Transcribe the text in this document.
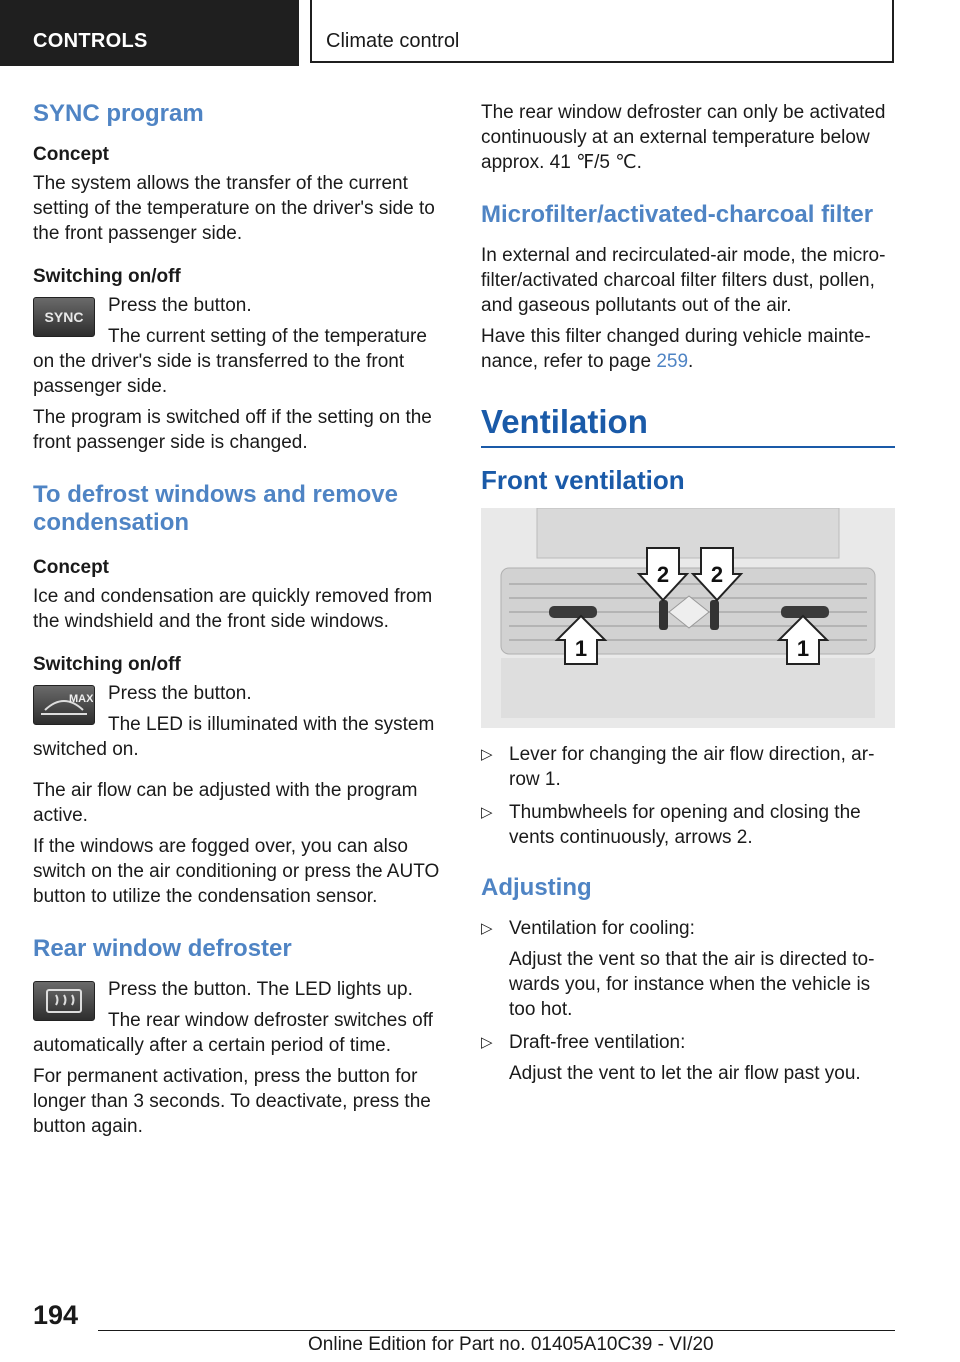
CONTROLS	Climate control
SYNC program
Concept

The system allows the transfer of the current setting of the temperature on the driver's side to the front passenger side.

Switching on/off
SYNC

Press the button.

The current setting of the temperature

on the driver's side is transferred to the front passenger side.

The program is switched off if the setting on the front passenger side is changed.

To defrost windows and remove condensation
Concept

Ice and condensation are quickly removed from the windshield and the front side windows.

Switching on/off
MAX Press the button.

The LED is illuminated with the system

switched on.

The air flow can be adjusted with the program active.

If the windows are fogged over, you can also switch on the air conditioning or press the AUTO button to utilize the condensation sensor.

Rear window defroster

Press the button. The LED lights up.

The rear window defroster switches off

automatically after a certain period of time.

For permanent activation, press the button for longer than 3 seconds. To deactivate, press the button again.

The rear window defroster can only be activated continuously at an external temperature below approx. 41 ℉/5 ℃.

Microfilter/activated-charcoal filter

In external and recirculated-air mode, the micro‐filter/activated charcoal filter filters dust, pollen, and gaseous pollutants out of the air.

Have this filter changed during vehicle mainte‐nance, refer to page 259.

Ventilation
Front ventilation
2 2
1	1
▷ Lever for changing the air flow direction, ar‐row 1.
▷ Thumbwheels for opening and closing the vents continuously, arrows 2.
Adjusting
▷ Ventilation for cooling:

Adjust the vent so that the air is directed to‐wards you, for instance when the vehicle is too hot.

▷ Draft-free ventilation:

Adjust the vent to let the air flow past you.

194
Online Edition for Part no. 01405A10C39 - VI/20
